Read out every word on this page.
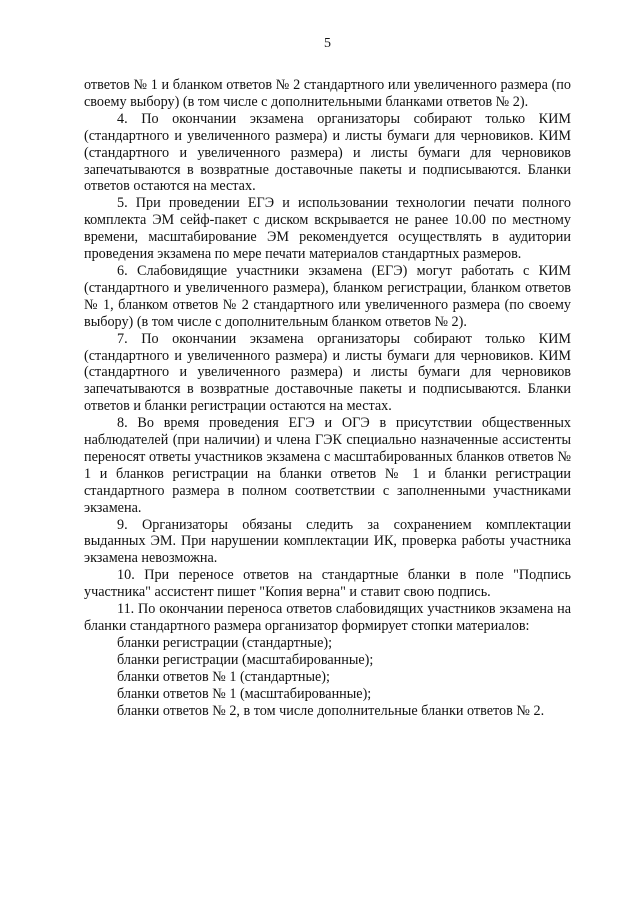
5

ответов № 1 и бланком ответов № 2 стандартного или увеличенного размера (по своему выбору) (в том числе с дополнительными бланками ответов № 2).

4. По окончании экзамена организаторы собирают только КИМ (стандартного и увеличенного размера) и листы бумаги для черновиков. КИМ (стандартного и увеличенного размера) и листы бумаги для черновиков запечатываются в возвратные доставочные пакеты и подписываются. Бланки ответов остаются на местах.

5. При проведении ЕГЭ и использовании технологии печати полного комплекта ЭМ сейф-пакет с диском вскрывается не ранее 10.00 по местному времени, масштабирование ЭМ рекомендуется осуществлять в аудитории проведения экзамена по мере печати материалов стандартных размеров.

6. Слабовидящие участники экзамена (ЕГЭ) могут работать с КИМ (стандартного и увеличенного размера), бланком регистрации, бланком ответов № 1, бланком ответов № 2 стандартного или увеличенного размера (по своему выбору) (в том числе с дополнительным бланком ответов № 2).

7. По окончании экзамена организаторы собирают только КИМ (стандартного и увеличенного размера) и листы бумаги для черновиков. КИМ (стандартного и увеличенного размера) и листы бумаги для черновиков запечатываются в возвратные доставочные пакеты и подписываются. Бланки ответов и бланки регистрации остаются на местах.

8. Во время проведения ЕГЭ и ОГЭ в присутствии общественных наблюдателей (при наличии) и члена ГЭК специально назначенные ассистенты переносят ответы участников экзамена с масштабированных бланков ответов № 1 и бланков регистрации на бланки ответов № 1 и бланки регистрации стандартного размера в полном соответствии с заполненными участниками экзамена.

9. Организаторы обязаны следить за сохранением комплектации выданных ЭМ. При нарушении комплектации ИК, проверка работы участника экзамена невозможна.

10. При переносе ответов на стандартные бланки в поле "Подпись участника" ассистент пишет "Копия верна" и ставит свою подпись.

11. По окончании переноса ответов слабовидящих участников экзамена на бланки стандартного размера организатор формирует стопки материалов:

бланки регистрации (стандартные);
бланки регистрации (масштабированные);
бланки ответов № 1 (стандартные);
бланки ответов № 1 (масштабированные);
бланки ответов № 2, в том числе дополнительные бланки ответов № 2.
